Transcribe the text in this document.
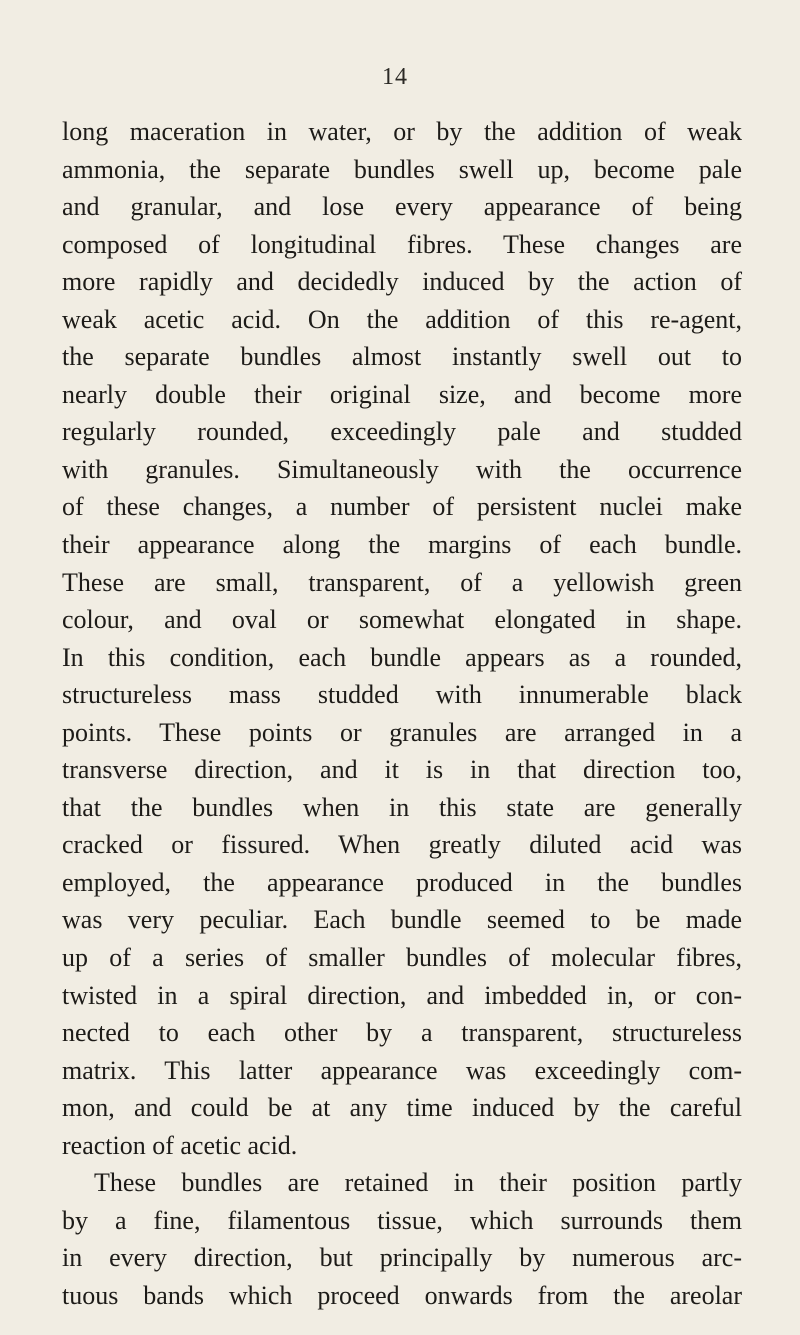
14
long maceration in water, or by the addition of weak
ammonia, the separate bundles swell up, become pale
and granular, and lose every appearance of being
composed of longitudinal fibres. These changes are
more rapidly and decidedly induced by the action of
weak acetic acid. On the addition of this re-agent,
the separate bundles almost instantly swell out to
nearly double their original size, and become more
regularly rounded, exceedingly pale and studded
with granules. Simultaneously with the occurrence
of these changes, a number of persistent nuclei make
their appearance along the margins of each bundle.
These are small, transparent, of a yellowish green
colour, and oval or somewhat elongated in shape.
In this condition, each bundle appears as a rounded,
structureless mass studded with innumerable black
points. These points or granules are arranged in a
transverse direction, and it is in that direction too,
that the bundles when in this state are generally
cracked or fissured. When greatly diluted acid was
employed, the appearance produced in the bundles
was very peculiar. Each bundle seemed to be made
up of a series of smaller bundles of molecular fibres,
twisted in a spiral direction, and imbedded in, or con-
nected to each other by a transparent, structureless
matrix. This latter appearance was exceedingly com-
mon, and could be at any time induced by the careful
reaction of acetic acid.
These bundles are retained in their position partly
by a fine, filamentous tissue, which surrounds them
in every direction, but principally by numerous arc-
tuous bands which proceed onwards from the areolar
